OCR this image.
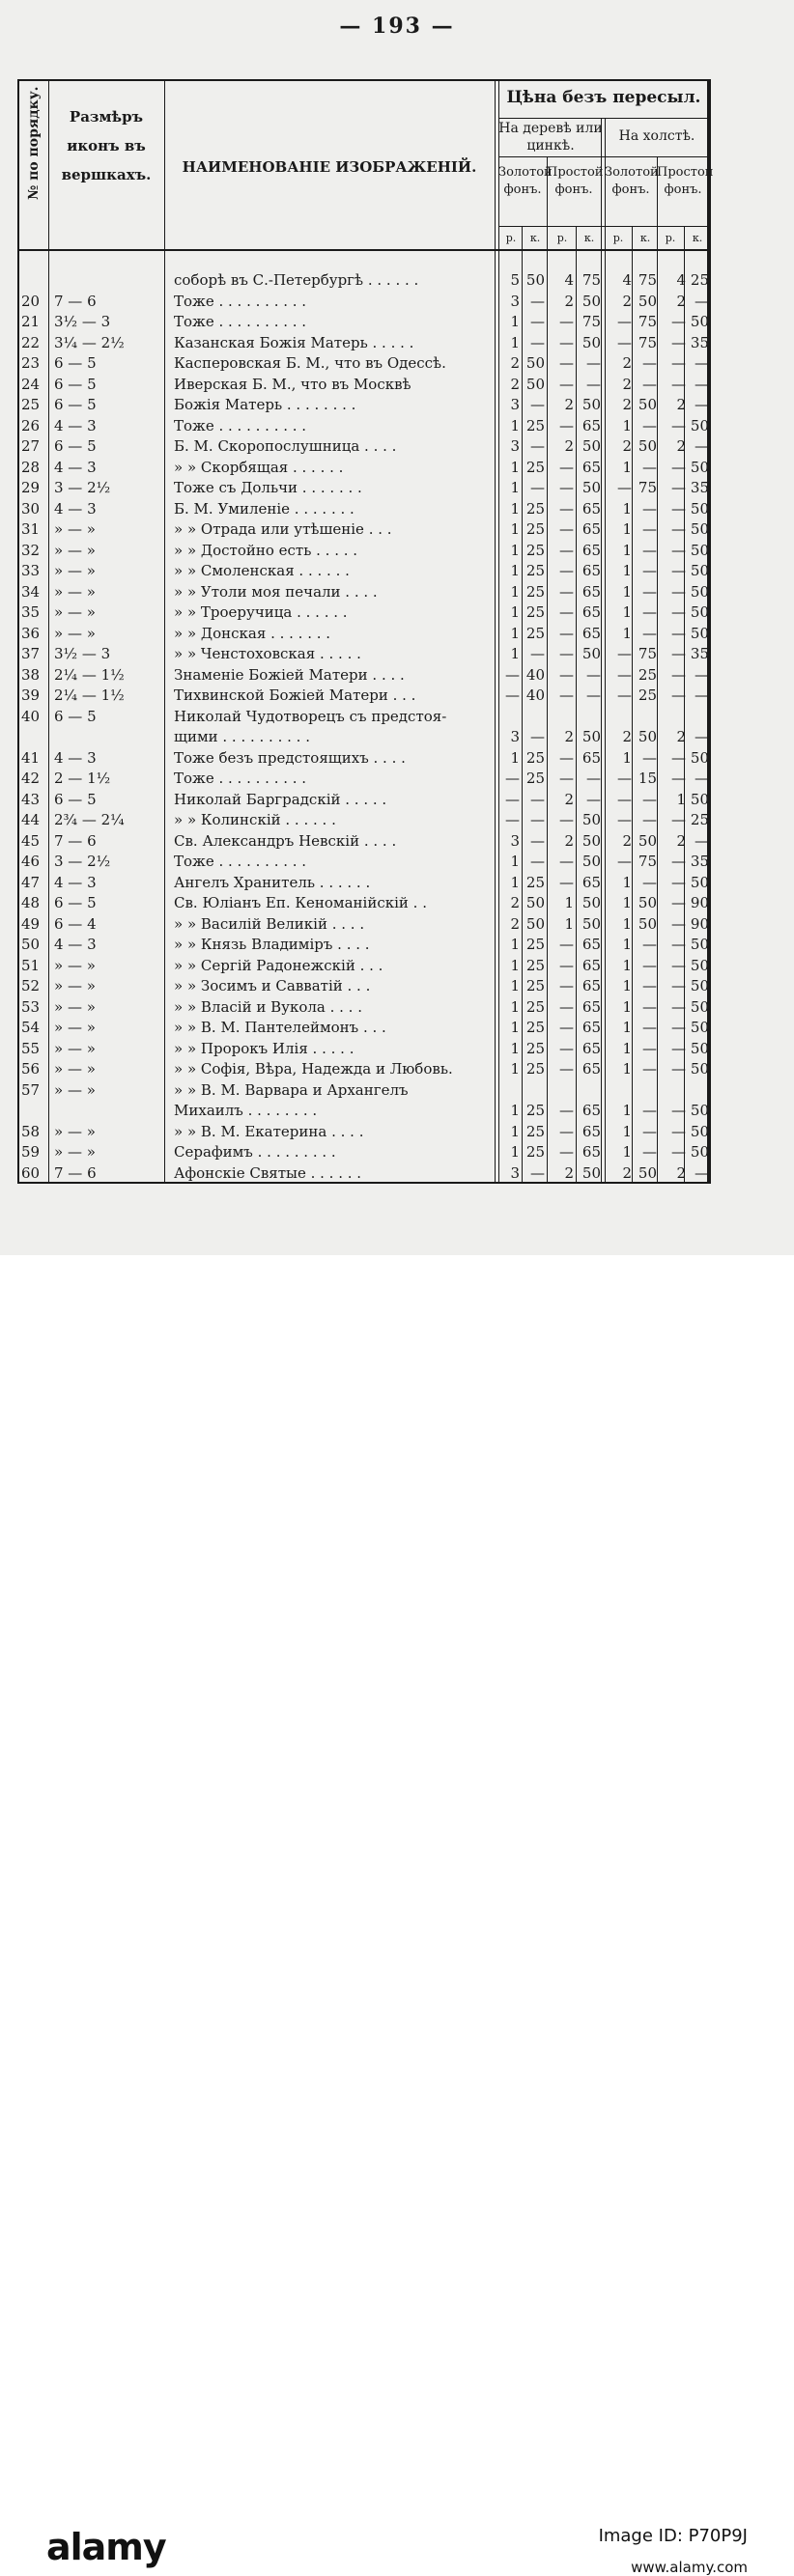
— 193 —
№ по порядку.	Размѣръ иконъ въ вершкахъ.	НАИМЕНОВАНІЕ ИЗОБРАЖЕНІЙ.
Цѣна безъ пересыл.
На деревѣ или цинкѣ.
На холстѣ.
Золотой фонъ.
Простой фонъ.
Золотой фонъ.
Простой фонъ.
р.	к.	р.	к.	р.	к.	р.	к.
соборѣ въ С.-Петербургѣ . . . . . .	5 50	4 75	4 75	4 25
20 7 — 6	Тоже . . . . . . . . . .	3 —	2 50	2 50	2 —
21 3½ — 3	Тоже . . . . . . . . . .	1 —	— 75	— 75	— 50
22 3¼ — 2½	Казанская Божія Матерь . . . . .	1 —	— 50	— 75	— 35
23 6 — 5	Касперовская Б. М., что въ Одессѣ.	2 50	— —	2 —	— —
24 6 — 5	Иверская Б. М., что въ Москвѣ	2 50	— —	2 —	— —
25 6 — 5	Божія Матерь . . . . . . . .	3 —	2 50	2 50	2 —
26 4 — 3	Тоже . . . . . . . . . .	1 25	— 65	1 —	— 50
27 6 — 5	Б. М. Скоропослушница . . . .	3 —	2 50	2 50	2 —
28 4 — 3	» » Скорбящая . . . . . .	1 25	— 65	1 —	— 50
29 3 — 2½	Тоже съ Дольчи . . . . . . .	1 —	— 50	— 75	— 35
30 4 — 3	Б. М. Умиленіе . . . . . . .	1 25	— 65	1 —	— 50
31 » — »	» » Отрада или утѣшеніе . . .	1 25	— 65	1 —	— 50
32 » — »	» » Достойно есть . . . . .	1 25	— 65	1 —	— 50
33 » — »	» » Смоленская . . . . . .	1 25	— 65	1 —	— 50
34 » — »	» » Утоли моя печали . . . .	1 25	— 65	1 —	— 50
35 » — »	» » Троеручица . . . . . .	1 25	— 65	1 —	— 50
36 » — »	» » Донская . . . . . . .	1 25	— 65	1 —	— 50
37 3½ — 3	» » Ченстоховская . . . . .	1 —	— 50	— 75	— 35
38 2¼ — 1½	Знаменіе Божіей Матери . . . .	— 40	— —	— 25	— —
39 2¼ — 1½	Тихвинской Божіей Матери . . .	— 40	— —	— 25	— —
40 6 — 5	Николай Чудотворецъ съ предстоя-
щими . . . . . . . . . .	3 —	2 50	2 50	2 —
41 4 — 3	Тоже безъ предстоящихъ . . . .	1 25	— 65	1 —	— 50
42 2 — 1½	Тоже . . . . . . . . . .	— 25	— —	— 15	— —
43 6 — 5	Николай Барградскій . . . . .	— —	2 —	— —	1 50
44 2¾ — 2¼	» » Колинскій . . . . . .	— —	— 50	— —	— 25
45 7 — 6	Св. Александръ Невскій . . . .	3 —	2 50	2 50	2 —
46 3 — 2½	Тоже . . . . . . . . . .	1 —	— 50	— 75	— 35
47 4 — 3	Ангелъ Хранитель . . . . . .	1 25	— 65	1 —	— 50
48 6 — 5	Св. Юліанъ Еп. Кеноманійскій . .	2 50	1 50	1 50	— 90
49 6 — 4	» » Василій Великій . . . .	2 50	1 50	1 50	— 90
50 4 — 3	» » Князь Владиміръ . . . .	1 25	— 65	1 —	— 50
51 » — »	» » Сергій Радонежскій . . .	1 25	— 65	1 —	— 50
52 » — »	» » Зосимъ и Савватій . . .	1 25	— 65	1 —	— 50
53 » — »	» » Власій и Вукола . . . .	1 25	— 65	1 —	— 50
54 » — »	» » В. М. Пантелеймонъ . . .	1 25	— 65	1 —	— 50
55 » — »	» » Пророкъ Илія . . . . .	1 25	— 65	1 —	— 50
56 » — »	» » Софія, Вѣра, Надежда и Любовь.	1 25	— 65	1 —	— 50
57 » — »	» » В. М. Варвара и Архангелъ
Михаилъ . . . . . . . .	1 25	— 65	1 —	— 50
58 » — »	» » В. М. Екатерина . . . .	1 25	— 65	1 —	— 50
59 » — »	Серафимъ . . . . . . . . .	1 25	— 65	1 —	— 50
60 7 — 6	Афонскіе Святые . . . . . .	3 —	2 50	2 50	2 —
alamy	Image ID: P70P9J
www.alamy.com
